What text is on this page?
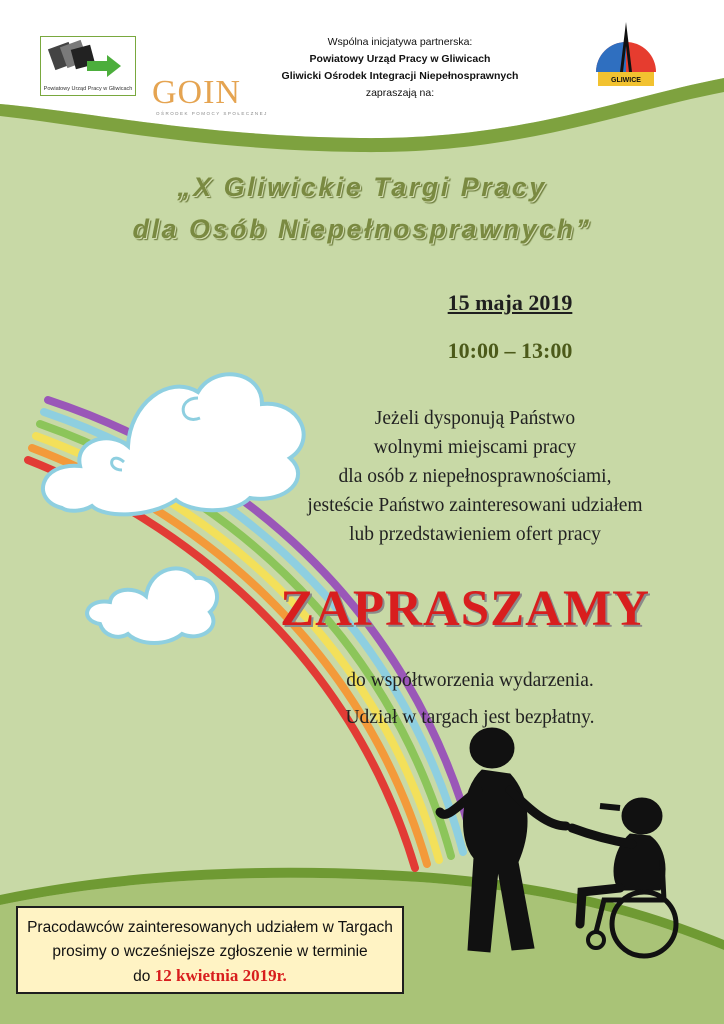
Powiatowy Urząd Pracy w Gliwicach GOIN
OŚRODEK POMOCY SPOŁECZNEJ
Wspólna inicjatywa partnerska:
Powiatowy Urząd Pracy w Gliwicach
Gliwicki Ośrodek Integracji Niepełnosprawnych
zapraszają na:
GLIWICE
„X Gliwickie Targi Pracy
dla Osób Niepełnosprawnych”
15 maja 2019
10:00 – 13:00
Jeżeli dysponują Państwo
wolnymi miejscami pracy
dla osób z niepełnosprawnościami,
jesteście Państwo zainteresowani udziałem
lub przedstawieniem ofert pracy
ZAPRASZAMY
do współtworzenia wydarzenia.
Udział w targach jest bezpłatny.
Pracodawców zainteresowanych udziałem w Targach
prosimy o wcześniejsze zgłoszenie w terminie
do 12 kwietnia 2019r.
